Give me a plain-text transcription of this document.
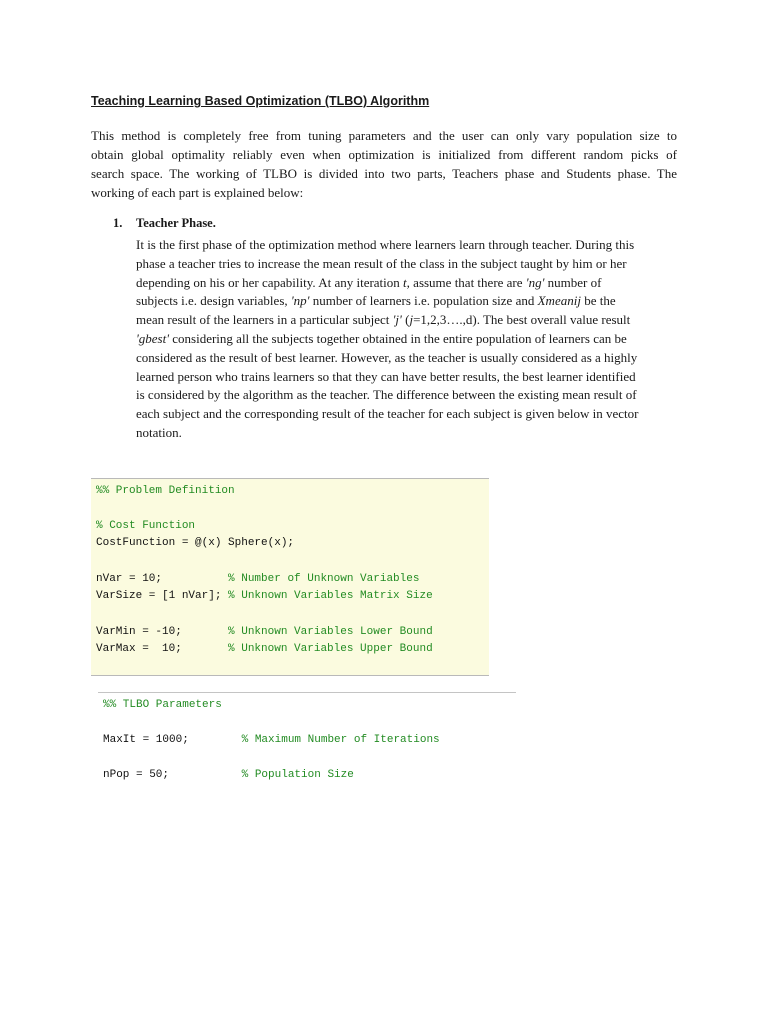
Teaching Learning Based Optimization (TLBO) Algorithm
This method is completely free from tuning parameters and the user can only vary population size to
obtain global optimality reliably even when optimization is initialized from different random picks of
search space. The working of TLBO is divided into two parts, Teachers phase and Students phase. The
working of each part is explained below:
1. Teacher Phase.
It is the first phase of the optimization method where learners learn through teacher. During this
phase a teacher tries to increase the mean result of the class in the subject taught by him or her
depending on his or her capability. At any iteration t, assume that there are 'ng' number of
subjects i.e. design variables, 'np' number of learners i.e. population size and Xmeanij be the
mean result of the learners in a particular subject 'j' (j=1,2,3….,d). The best overall value result
'gbest' considering all the subjects together obtained in the entire population of learners can be
considered as the result of best learner. However, as the teacher is usually considered as a highly
learned person who trains learners so that they can have better results, the best learner identified
is considered by the algorithm as the teacher. The difference between the existing mean result of
each subject and the corresponding result of the teacher for each subject is given below in vector
notation.
%% Problem Definition
% Cost Function
CostFunction = @(x) Sphere(x);
nVar = 10;          % Number of Unknown Variables
VarSize = [1 nVar]; % Unknown Variables Matrix Size
VarMin = -10;       % Unknown Variables Lower Bound
VarMax =  10;       % Unknown Variables Upper Bound
%% TLBO Parameters
MaxIt = 1000;        % Maximum Number of Iterations
nPop = 50;           % Population Size
